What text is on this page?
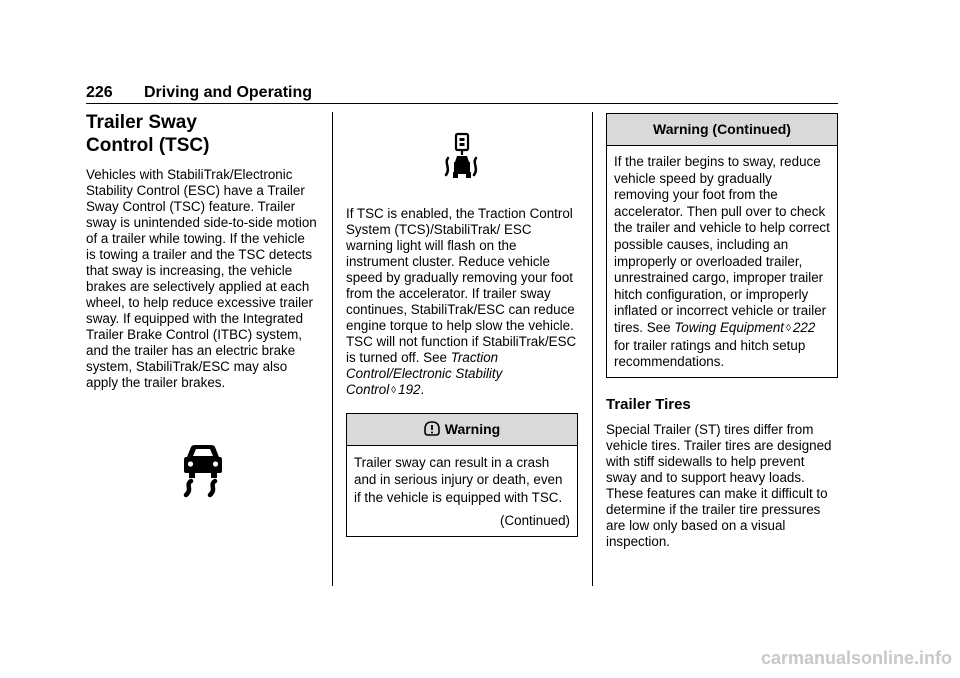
226 Driving and Operating
Trailer Sway
Control (TSC)

Vehicles with StabiliTrak/Electronic Stability Control (ESC) have a Trailer Sway Control (TSC) feature. Trailer sway is unintended side-to-side motion of a trailer while towing. If the vehicle is towing a trailer and the TSC detects that sway is increasing, the vehicle brakes are selectively applied at each wheel, to help reduce excessive trailer sway. If equipped with the Integrated Trailer Brake Control (ITBC) system, and the trailer has an electric brake system, StabiliTrak/ESC may also apply the trailer brakes.

If TSC is enabled, the Traction Control System (TCS)/StabiliTrak/ ESC warning light will flash on the instrument cluster. Reduce vehicle speed by gradually removing your foot from the accelerator. If trailer sway continues, StabiliTrak/ESC can reduce engine torque to help slow the vehicle. TSC will not function if StabiliTrak/ESC is turned off. See Traction Control/Electronic Stability Control ◊ 192.

Warning

Trailer sway can result in a crash and in serious injury or death, even if the vehicle is equipped with TSC.

(Continued)
Warning (Continued)

If the trailer begins to sway, reduce vehicle speed by gradually removing your foot from the accelerator. Then pull over to check the trailer and vehicle to help correct possible causes, including an improperly or overloaded trailer, unrestrained cargo, improper trailer hitch configuration, or improperly inflated or incorrect vehicle or trailer tires. See Towing Equipment ◊ 222 for trailer ratings and hitch setup recommendations.

Trailer Tires

Special Trailer (ST) tires differ from vehicle tires. Trailer tires are designed with stiff sidewalls to help prevent sway and to support heavy loads. These features can make it difficult to determine if the trailer tire pressures are low only based on a visual inspection.

carmanualsonline.info
